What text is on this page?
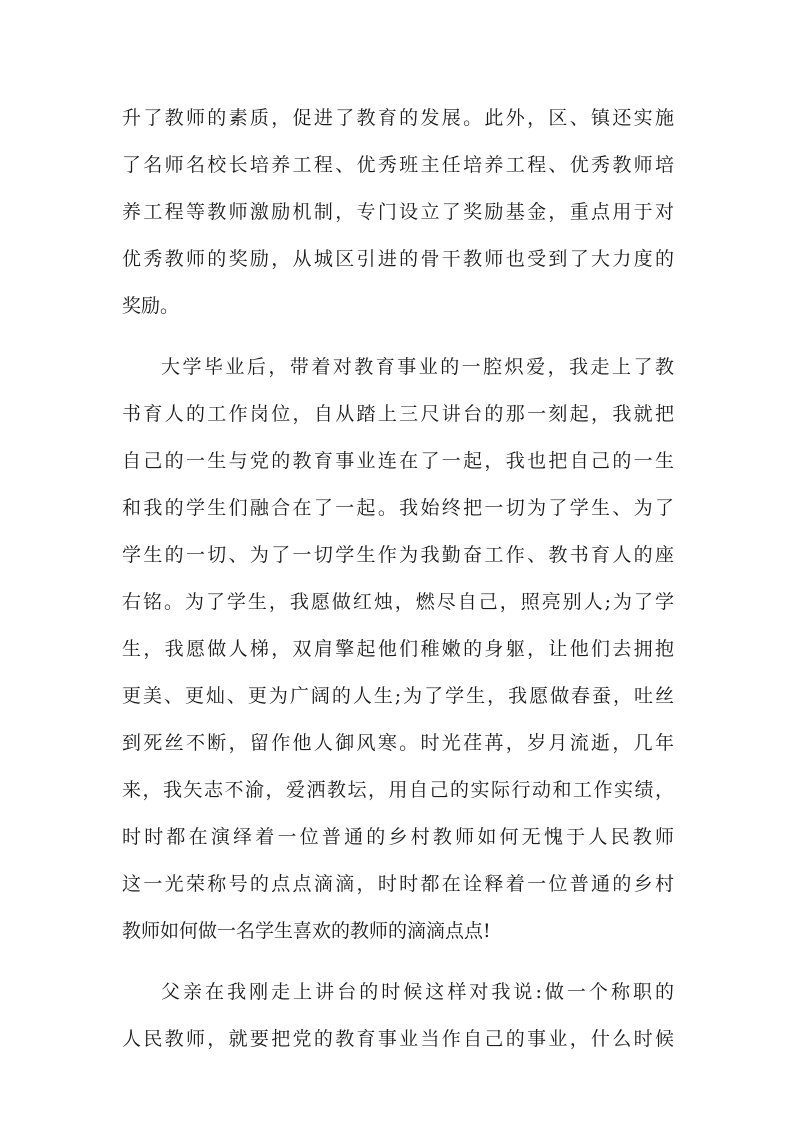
升了教师的素质，促进了教育的发展。此外，区、镇还实施
了名师名校长培养工程、优秀班主任培养工程、优秀教师培
养工程等教师激励机制，专门设立了奖励基金，重点用于对
优秀教师的奖励，从城区引进的骨干教师也受到了大力度的
奖励。
大学毕业后，带着对教育事业的一腔炽爱，我走上了教
书育人的工作岗位，自从踏上三尺讲台的那一刻起，我就把
自己的一生与党的教育事业连在了一起，我也把自己的一生
和我的学生们融合在了一起。我始终把一切为了学生、为了
学生的一切、为了一切学生作为我勤奋工作、教书育人的座
右铭。为了学生，我愿做红烛，燃尽自己，照亮别人;为了学
生，我愿做人梯，双肩擎起他们稚嫩的身躯，让他们去拥抱
更美、更灿、更为广阔的人生;为了学生，我愿做春蚕，吐丝
到死丝不断，留作他人御风寒。时光荏苒，岁月流逝，几年
来，我矢志不渝，爱洒教坛，用自己的实际行动和工作实绩，
时时都在演绎着一位普通的乡村教师如何无愧于人民教师
这一光荣称号的点点滴滴，时时都在诠释着一位普通的乡村
教师如何做一名学生喜欢的教师的滴滴点点!
父亲在我刚走上讲台的时候这样对我说:做一个称职的
人民教师，就要把党的教育事业当作自己的事业，什么时候
